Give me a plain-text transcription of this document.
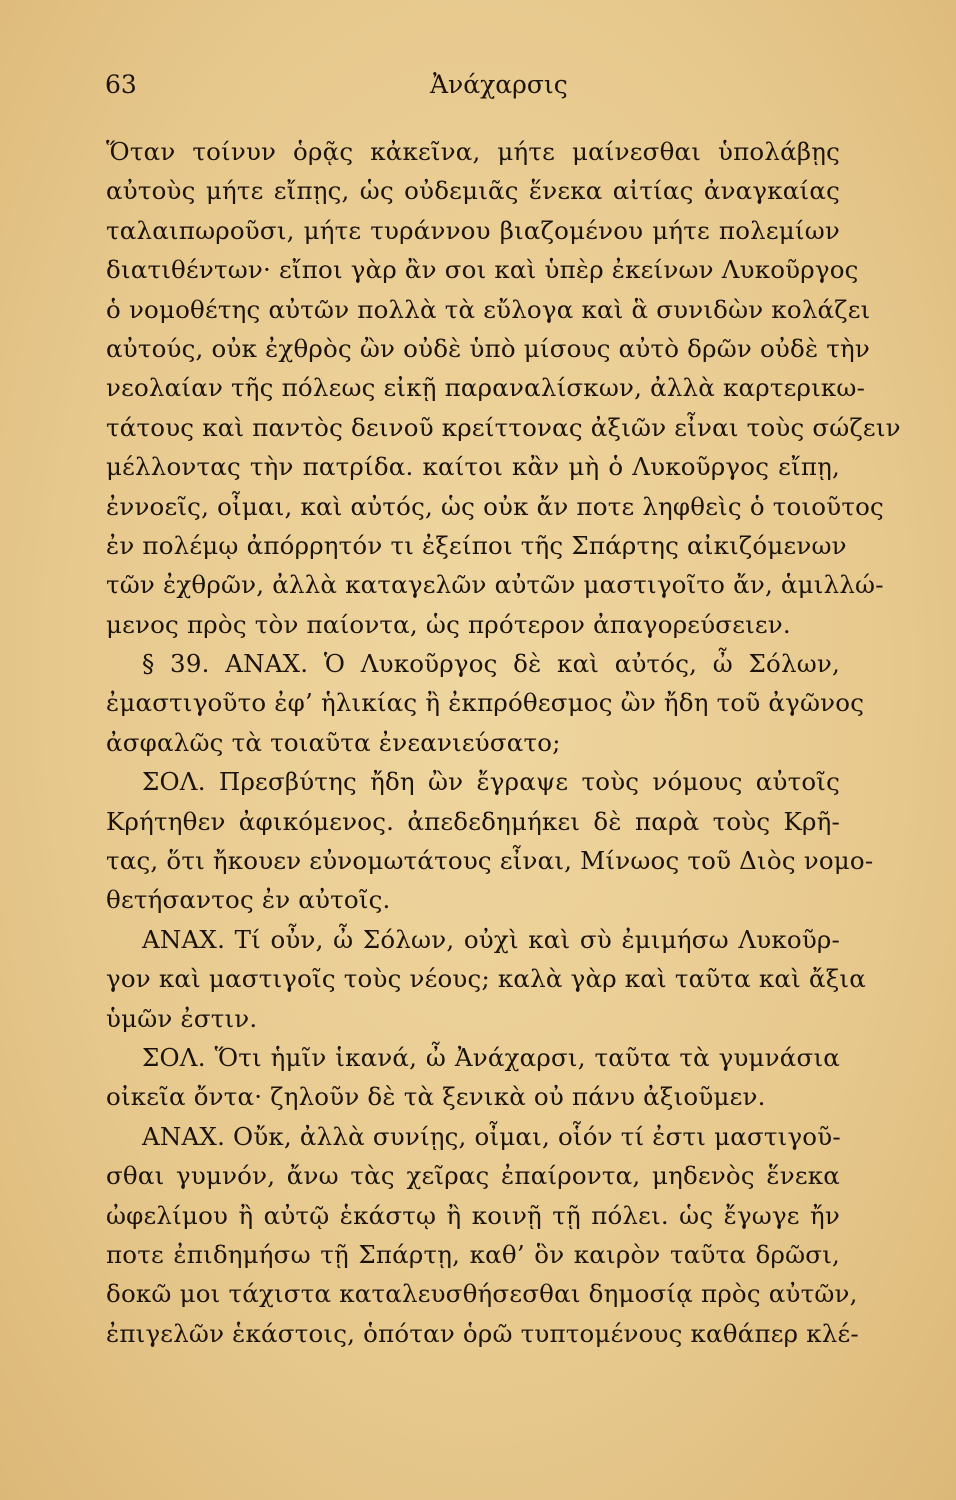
63	Ἀνάχαρσις
Ὅταν τοίνυν ὁρᾷς κἀκεῖνα, μήτε μαίνεσθαι ὑπολάβῃς
αὐτοὺς μήτε εἴπῃς, ὡς οὐδεμιᾶς ἕνεκα αἰτίας ἀναγκαίας
ταλαιπωροῦσι, μήτε τυράννου βιαζομένου μήτε πολεμίων
διατιθέντων· εἴποι γὰρ ἂν σοι καὶ ὑπὲρ ἐκείνων Λυκοῦργος
ὁ νομοθέτης αὐτῶν πολλὰ τὰ εὔλογα καὶ ἃ συνιδὼν κολάζει
αὐτούς, οὐκ ἐχθρὸς ὢν οὐδὲ ὑπὸ μίσους αὐτὸ δρῶν οὐδὲ τὴν
νεολαίαν τῆς πόλεως εἰκῇ παραναλίσκων, ἀλλὰ καρτερικω-
τάτους καὶ παντὸς δεινοῦ κρείττονας ἀξιῶν εἶναι τοὺς σώζειν
μέλλοντας τὴν πατρίδα. καίτοι κἂν μὴ ὁ Λυκοῦργος εἴπῃ,
ἐννοεῖς, οἶμαι, καὶ αὐτός, ὡς οὐκ ἄν ποτε ληφθεὶς ὁ τοιοῦτος
ἐν πολέμῳ ἀπόρρητόν τι ἐξείποι τῆς Σπάρτης αἰκιζόμενων
τῶν ἐχθρῶν, ἀλλὰ καταγελῶν αὐτῶν μαστιγοῖτο ἄν, ἁμιλλώ-
μενος πρὸς τὸν παίοντα, ὡς πρότερον ἀπαγορεύσειεν.
§ 39. ΑΝΑΧ. Ὁ Λυκοῦργος δὲ καὶ αὐτός, ὦ Σόλων,
ἐμαστιγοῦτο ἐφ’ ἡλικίας ἢ ἐκπρόθεσμος ὢν ἤδη τοῦ ἀγῶνος
ἀσφαλῶς τὰ τοιαῦτα ἐνεανιεύσατο;
ΣΟΛ. Πρεσβύτης ἤδη ὢν ἔγραψε τοὺς νόμους αὐτοῖς
Κρήτηθεν ἀφικόμενος. ἀπεδεδημήκει δὲ παρὰ τοὺς Κρῆ-
τας, ὅτι ἤκουεν εὐνομωτάτους εἶναι, Μίνωος τοῦ Διὸς νομο-
θετήσαντος ἐν αὐτοῖς.
ΑΝΑΧ. Τί οὖν, ὦ Σόλων, οὐχὶ καὶ σὺ ἐμιμήσω Λυκοῦρ-
γον καὶ μαστιγοῖς τοὺς νέους; καλὰ γὰρ καὶ ταῦτα καὶ ἄξια
ὑμῶν ἐστιν.
ΣΟΛ. Ὅτι ἡμῖν ἱκανά, ὦ Ἀνάχαρσι, ταῦτα τὰ γυμνάσια
οἰκεῖα ὄντα· ζηλοῦν δὲ τὰ ξενικὰ οὐ πάνυ ἀξιοῦμεν.
ΑΝΑΧ. Οὔκ, ἀλλὰ συνίῃς, οἶμαι, οἷόν τί ἐστι μαστιγοῦ-
σθαι γυμνόν, ἄνω τὰς χεῖρας ἐπαίροντα, μηδενὸς ἕνεκα
ὠφελίμου ἢ αὐτῷ ἑκάστῳ ἢ κοινῇ τῇ πόλει. ὡς ἔγωγε ἤν
ποτε ἐπιδημήσω τῇ Σπάρτῃ, καθ’ ὃν καιρὸν ταῦτα δρῶσι,
δοκῶ μοι τάχιστα καταλευσθήσεσθαι δημοσίᾳ πρὸς αὐτῶν,
ἐπιγελῶν ἑκάστοις, ὁπόταν ὁρῶ τυπτομένους καθάπερ κλέ-
